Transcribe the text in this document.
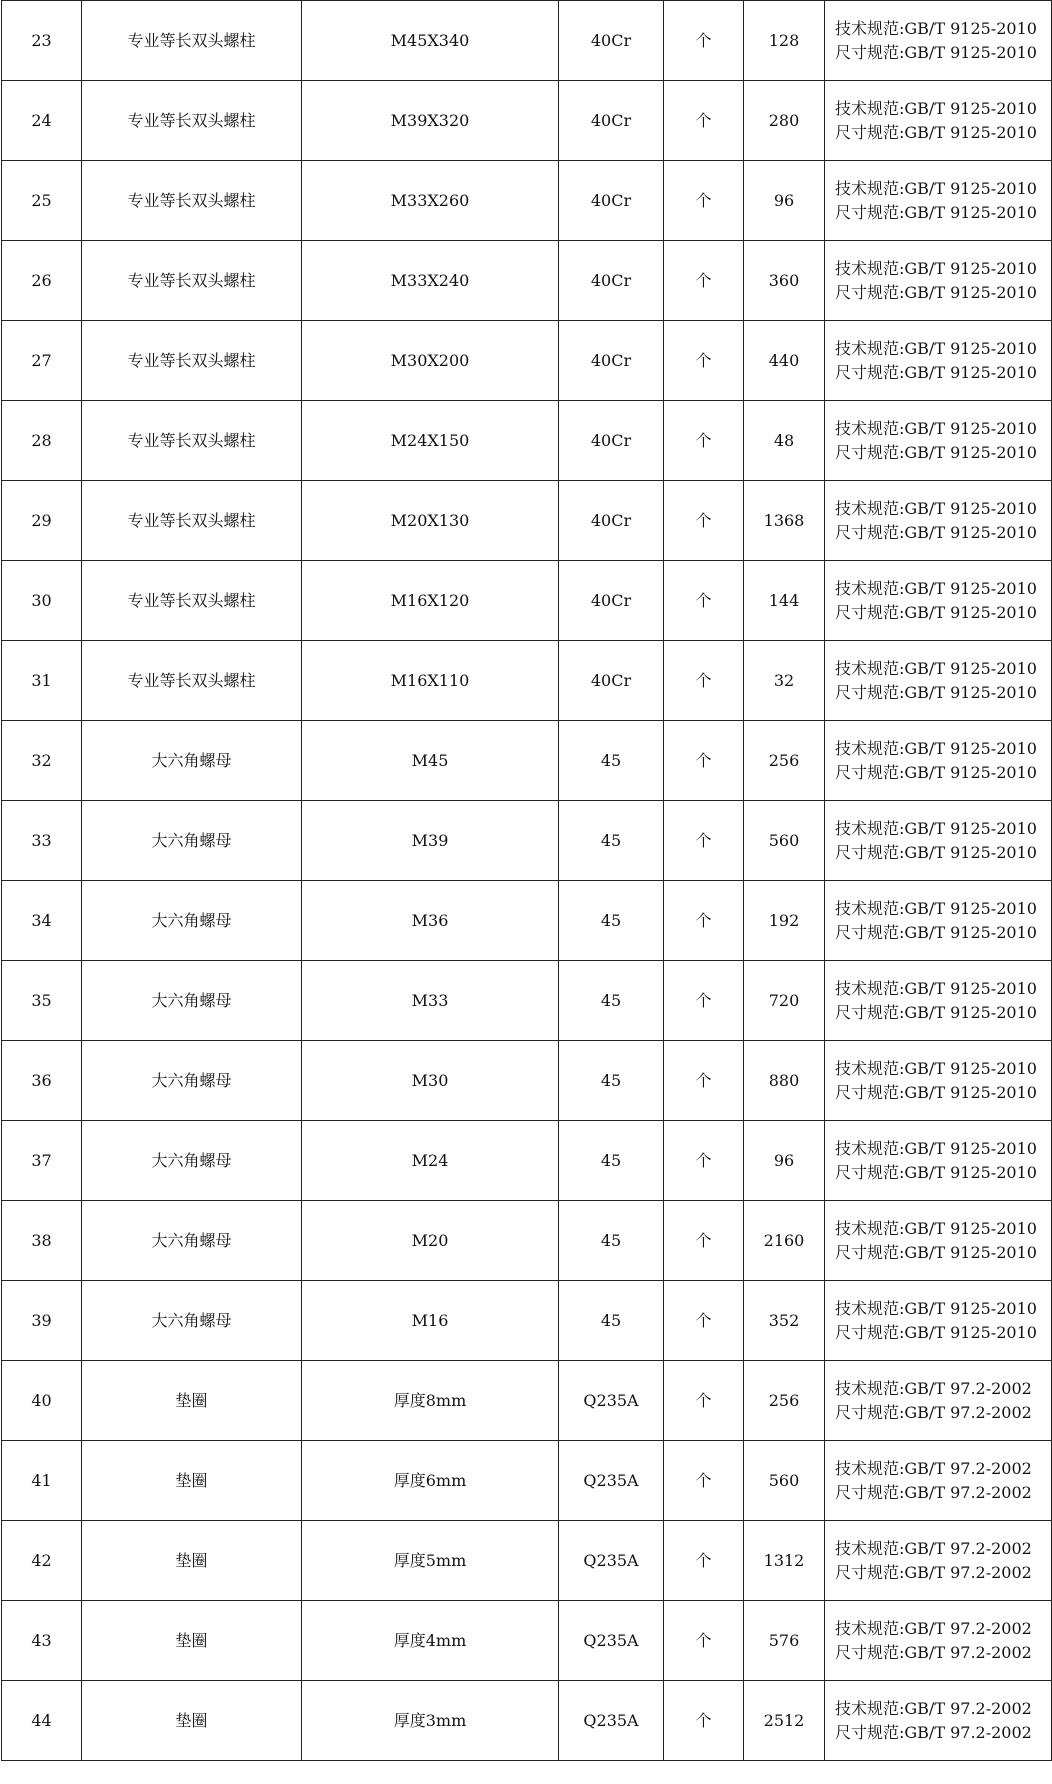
23	专业等长双头螺柱	M45X340	40Cr	个	128	技术规范:GB/T 9125-2010
尺寸规范:GB/T 9125-2010

24	专业等长双头螺柱	M39X320	40Cr	个	280	技术规范:GB/T 9125-2010
尺寸规范:GB/T 9125-2010

25	专业等长双头螺柱	M33X260	40Cr	个	96	技术规范:GB/T 9125-2010
尺寸规范:GB/T 9125-2010

26	专业等长双头螺柱	M33X240	40Cr	个	360	技术规范:GB/T 9125-2010
尺寸规范:GB/T 9125-2010

27	专业等长双头螺柱	M30X200	40Cr	个	440	技术规范:GB/T 9125-2010
尺寸规范:GB/T 9125-2010

28	专业等长双头螺柱	M24X150	40Cr	个	48	技术规范:GB/T 9125-2010
尺寸规范:GB/T 9125-2010

29	专业等长双头螺柱	M20X130	40Cr	个	1368	技术规范:GB/T 9125-2010
尺寸规范:GB/T 9125-2010

30	专业等长双头螺柱	M16X120	40Cr	个	144	技术规范:GB/T 9125-2010
尺寸规范:GB/T 9125-2010

31	专业等长双头螺柱	M16X110	40Cr	个	32	技术规范:GB/T 9125-2010
尺寸规范:GB/T 9125-2010

32	大六角螺母	M45	45	个	256	技术规范:GB/T 9125-2010
尺寸规范:GB/T 9125-2010

33	大六角螺母	M39	45	个	560	技术规范:GB/T 9125-2010
尺寸规范:GB/T 9125-2010

34	大六角螺母	M36	45	个	192	技术规范:GB/T 9125-2010
尺寸规范:GB/T 9125-2010

35	大六角螺母	M33	45	个	720	技术规范:GB/T 9125-2010
尺寸规范:GB/T 9125-2010

36	大六角螺母	M30	45	个	880	技术规范:GB/T 9125-2010
尺寸规范:GB/T 9125-2010

37	大六角螺母	M24	45	个	96	技术规范:GB/T 9125-2010
尺寸规范:GB/T 9125-2010

38	大六角螺母	M20	45	个	2160	技术规范:GB/T 9125-2010
尺寸规范:GB/T 9125-2010

39	大六角螺母	M16	45	个	352	技术规范:GB/T 9125-2010
尺寸规范:GB/T 9125-2010

40	垫圈	厚度8mm	Q235A	个	256	技术规范:GB/T 97.2-2002
尺寸规范:GB/T 97.2-2002

41	垫圈	厚度6mm	Q235A	个	560	技术规范:GB/T 97.2-2002
尺寸规范:GB/T 97.2-2002

42	垫圈	厚度5mm	Q235A	个	1312	技术规范:GB/T 97.2-2002
尺寸规范:GB/T 97.2-2002

43	垫圈	厚度4mm	Q235A	个	576	技术规范:GB/T 97.2-2002
尺寸规范:GB/T 97.2-2002

44	垫圈	厚度3mm	Q235A	个	2512	技术规范:GB/T 97.2-2002
尺寸规范:GB/T 97.2-2002
